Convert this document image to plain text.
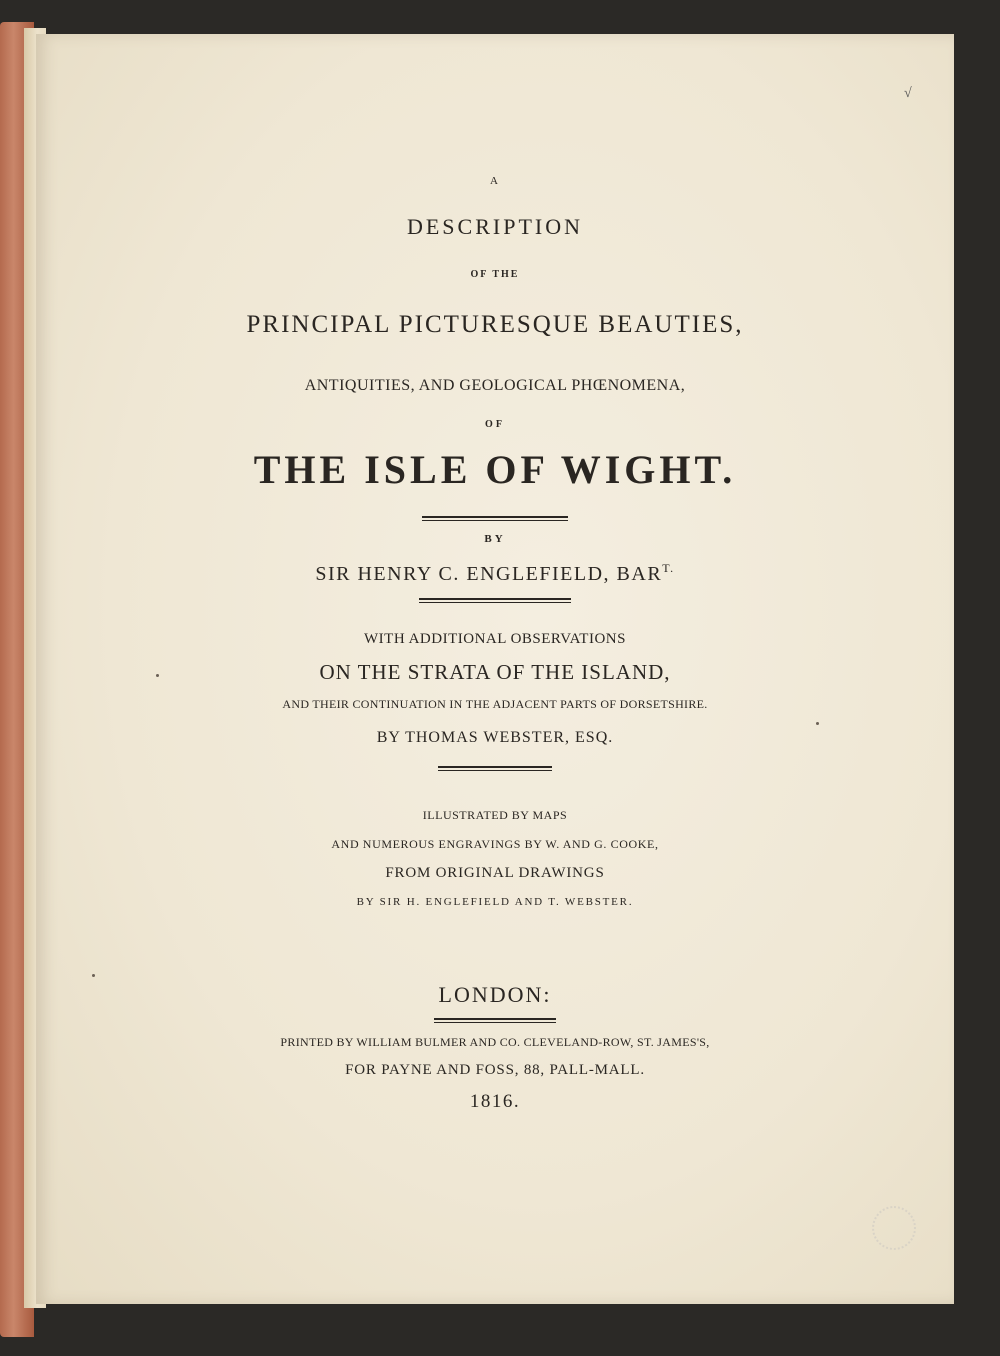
√
A
DESCRIPTION
OF THE
PRINCIPAL PICTURESQUE BEAUTIES,
ANTIQUITIES, AND GEOLOGICAL PHŒNOMENA,
OF
THE ISLE OF WIGHT.
BY
SIR HENRY C. ENGLEFIELD, $BAR^{T.}$
WITH ADDITIONAL OBSERVATIONS
ON THE STRATA OF THE ISLAND,
AND THEIR CONTINUATION IN THE ADJACENT PARTS OF DORSETSHIRE.
BY THOMAS WEBSTER, ESQ.
ILLUSTRATED BY MAPS
AND NUMEROUS ENGRAVINGS BY W. AND G. COOKE,
FROM ORIGINAL DRAWINGS
BY SIR H. ENGLEFIELD AND T. WEBSTER.
LONDON:
PRINTED BY WILLIAM BULMER AND CO. CLEVELAND-ROW, ST. JAMES'S,
FOR PAYNE AND FOSS, 88, PALL-MALL.
1816.
